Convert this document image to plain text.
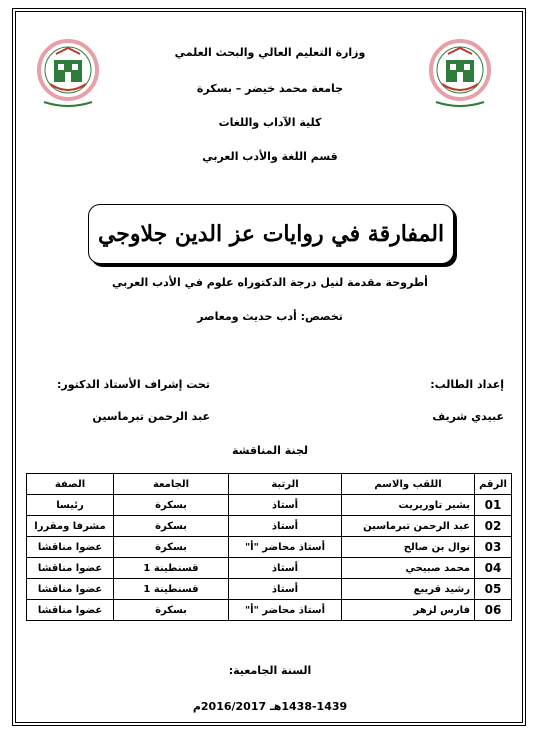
وزارة التعليم العالي والبحث العلمي
جامعة محمد خيضر – بسكرة
كلية الآداب واللغات
قسم اللغة والأدب العربي
المفارقة في روايات عز الدين جلاوجي
أطروحة مقدمة لنيل درجة الدكتوراه علوم في الأدب العربي
تخصص: أدب حديث ومعاصر
إعداد الطالب:
تحت إشراف الأستاذ الدكتور:
عبيدي شريف
عبد الرحمن تبرماسين
لجنة المناقشة
الرقم	اللقب والاسم	الرتبة	الجامعة	الصفة
01	بشير تاوريريت	أستاذ	بسكرة	رئيسا
02	عبد الرحمن تبرماسين	أستاذ	بسكرة	مشرفا ومقررا
03	نوال بن صالح	أستاذ محاضر "أ"	بسكرة	عضوا مناقشا
04	محمد صبيحي	أستاذ	قسنطينة 1	عضوا مناقشا
05	رشيد قريبع	أستاذ	قسنطينة 1	عضوا مناقشا
06	فارس لزهر	أستاذ محاضر "أ"	بسكرة	عضوا مناقشا
السنة الجامعية:
1438-1439هـ 2016/2017م
